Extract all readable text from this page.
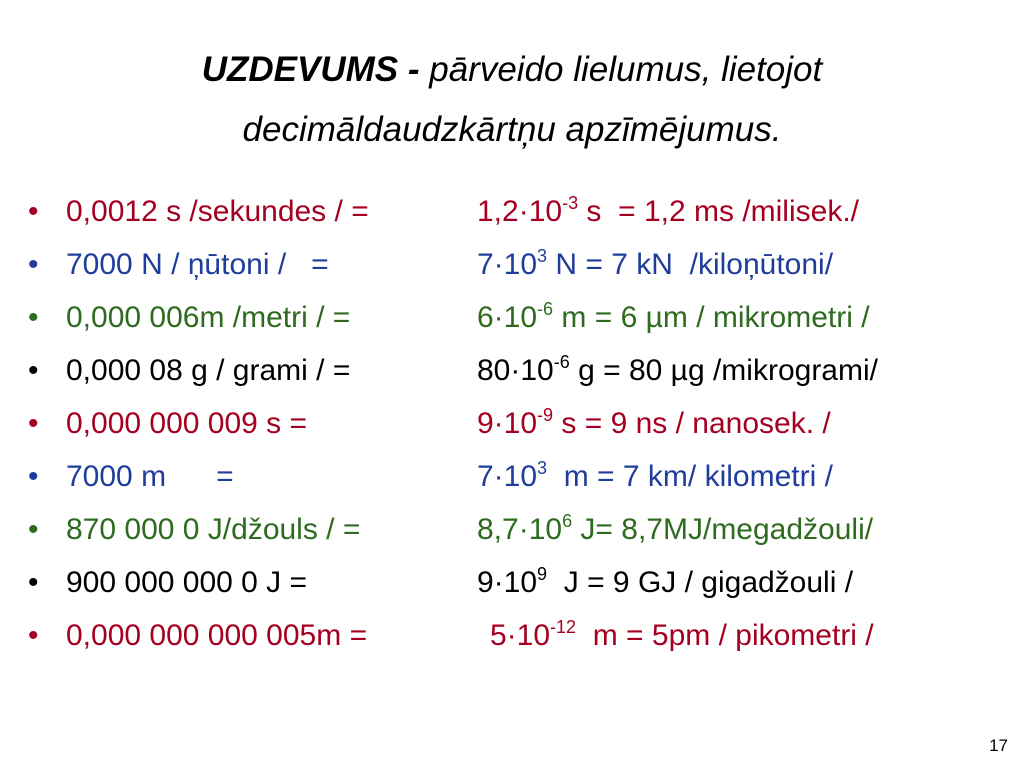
UZDEVUMS - pārveido lielumus, lietojot
decimāldaudzkārtņu apzīmējumus.
• 0,0012 s /sekundes / =	$1,2\cdot 10^{-3}$ s  = 1,2 ms /milisek./
• 7000 N / ņūtoni /   =	$7\cdot 10^3$ N = 7 kN  /kiloņūtoni/
• 0,000 006m /metri / =	$6\cdot 10^{-6}$ m = 6 µm / mikrometri /
• 0,000 08 g / grami / =	$80\cdot 10^{-6}$ g = 80 µg /mikrogrami/
• 0,000 000 009 s =	$9\cdot 10^{-9}$ s = 9 ns / nanosek. /
• 7000 m      =	$7\cdot 10^3$  m = 7 km/ kilometri /
• 870 000 0 J/džouls / =	$8,7\cdot 10^6$ J= 8,7MJ/megadžouli/
• 900 000 000 0 J =	$9\cdot 10^9$  J = 9 GJ / gigadžouli /
• 0,000 000 000 005m =	$5\cdot 10^{-12}$  m = 5pm / pikometri /
17
